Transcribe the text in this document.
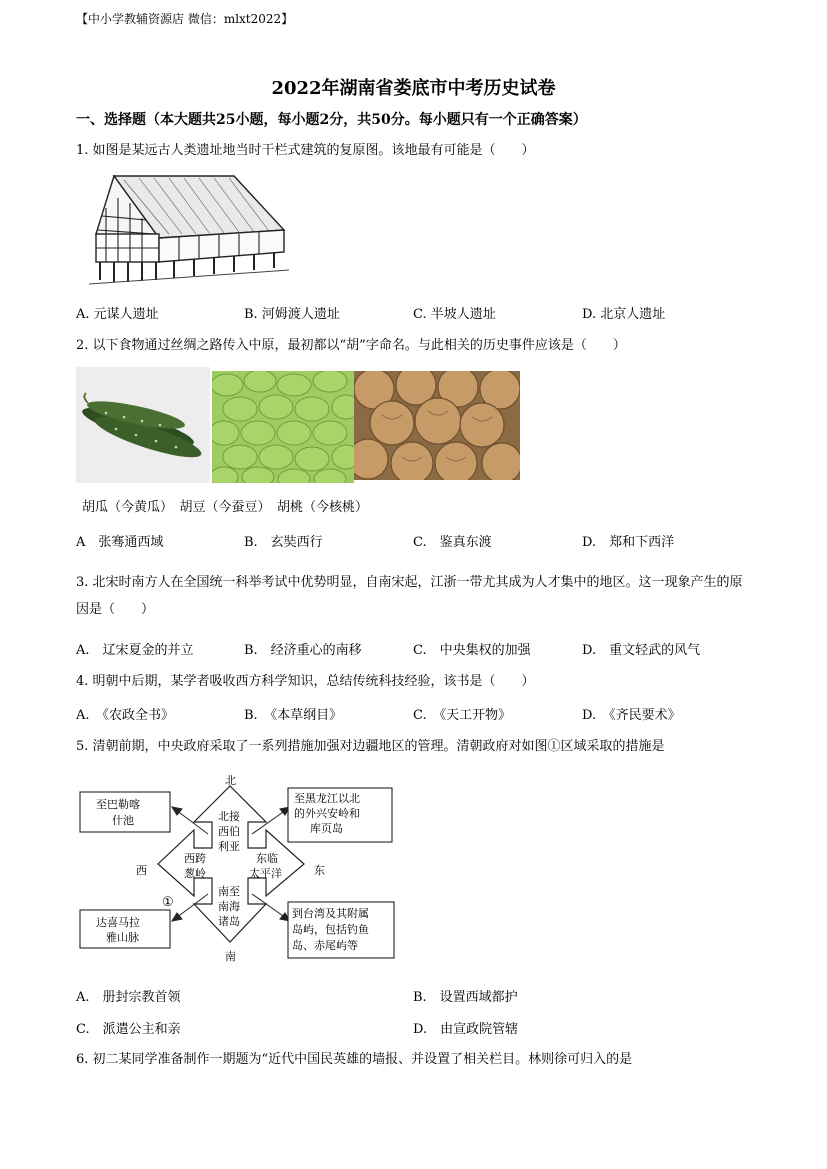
【中小学教辅资源店 微信：mlxt2022】
2022年湖南省娄底市中考历史试卷
一、选择题（本大题共25小题，每小题2分，共50分。每小题只有一个正确答案）
1. 如图是某远古人类遗址地当时干栏式建筑的复原图。该地最有可能是（　　）
A. 元谋人遗址	B. 河姆渡人遗址	C. 半坡人遗址	D. 北京人遗址
2. 以下食物通过丝绸之路传入中原，最初都以“胡”字命名。与此相关的历史事件应该是（　　）
胡瓜（今黄瓜）　胡豆（今蚕豆）　胡桃（今核桃）
A　张骞通西域	B.　玄奘西行	C.　鉴真东渡	D.　郑和下西洋
3. 北宋时南方人在全国统一科举考试中优势明显，自南宋起，江浙一带尤其成为人才集中的地区。这一现象产生的原因是（　　）
A.　辽宋夏金的并立	B.　经济重心的南移	C.　中央集权的加强	D.　重文轻武的风气
4. 明朝中后期，某学者吸收西方科学知识，总结传统科技经验，该书是（　　）
A.　《农政全书》	B.　《本草纲目》	C.　《天工开物》	D.　《齐民要术》
5. 清朝前期，中央政府采取了一系列措施加强对边疆地区的管理。清朝政府对如图①区域采取的措施是
北
南
西	东
北接
西伯
利亚
西跨
葱岭
东临
太平洋
南至
南海
诸岛
①
至巴勒喀
什池
至黑龙江以北
的外兴安岭和
库页岛
达喜马拉
雅山脉
到台湾及其附属
岛屿，包括钓鱼
岛、赤尾屿等
A.　册封宗教首领	B.　设置西域都护
C.　派遣公主和亲	D.　由宣政院管辖
6. 初二某同学准备制作一期题为“近代中国民英雄的墙报、并设置了相关栏目。林则徐可归入的是
